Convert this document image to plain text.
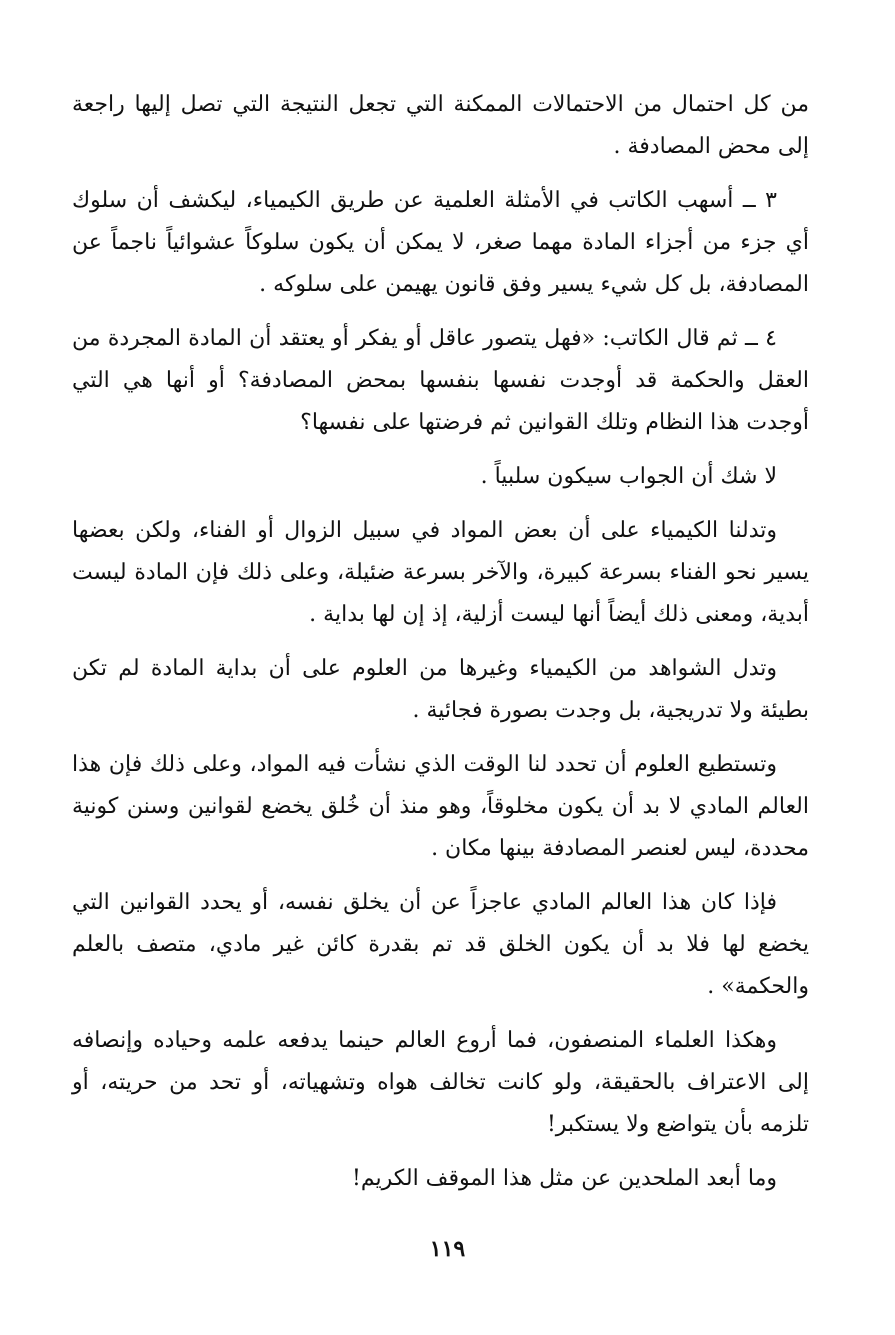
من كل احتمال من الاحتمالات الممكنة التي تجعل النتيجة التي تصل إليها راجعة إلى محض المصادفة .

٣ ــ أسهب الكاتب في الأمثلة العلمية عن طريق الكيمياء، ليكشف أن سلوك أي جزء من أجزاء المادة مهما صغر، لا يمكن أن يكون سلوكاً عشوائياً ناجماً عن المصادفة، بل كل شيء يسير وفق قانون يهيمن على سلوكه .

٤ ــ ثم قال الكاتب: «فهل يتصور عاقل أو يفكر أو يعتقد أن المادة المجردة من العقل والحكمة قد أوجدت نفسها بنفسها بمحض المصادفة؟ أو أنها هي التي أوجدت هذا النظام وتلك القوانين ثم فرضتها على نفسها؟

لا شك أن الجواب سيكون سلبياً .

وتدلنا الكيمياء على أن بعض المواد في سبيل الزوال أو الفناء، ولكن بعضها يسير نحو الفناء بسرعة كبيرة، والآخر بسرعة ضئيلة، وعلى ذلك فإن المادة ليست أبدية، ومعنى ذلك أيضاً أنها ليست أزلية، إذ إن لها بداية .

وتدل الشواهد من الكيمياء وغيرها من العلوم على أن بداية المادة لم تكن بطيئة ولا تدريجية، بل وجدت بصورة فجائية .

وتستطيع العلوم أن تحدد لنا الوقت الذي نشأت فيه المواد، وعلى ذلك فإن هذا العالم المادي لا بد أن يكون مخلوقاً، وهو منذ أن خُلق يخضع لقوانين وسنن كونية محددة، ليس لعنصر المصادفة بينها مكان .

فإذا كان هذا العالم المادي عاجزاً عن أن يخلق نفسه، أو يحدد القوانين التي يخضع لها فلا بد أن يكون الخلق قد تم بقدرة كائن غير مادي، متصف بالعلم والحكمة» .

وهكذا العلماء المنصفون، فما أروع العالم حينما يدفعه علمه وحياده وإنصافه إلى الاعتراف بالحقيقة، ولو كانت تخالف هواه وتشهياته، أو تحد من حريته، أو تلزمه بأن يتواضع ولا يستكبر!

وما أبعد الملحدين عن مثل هذا الموقف الكريم!

١١٩
